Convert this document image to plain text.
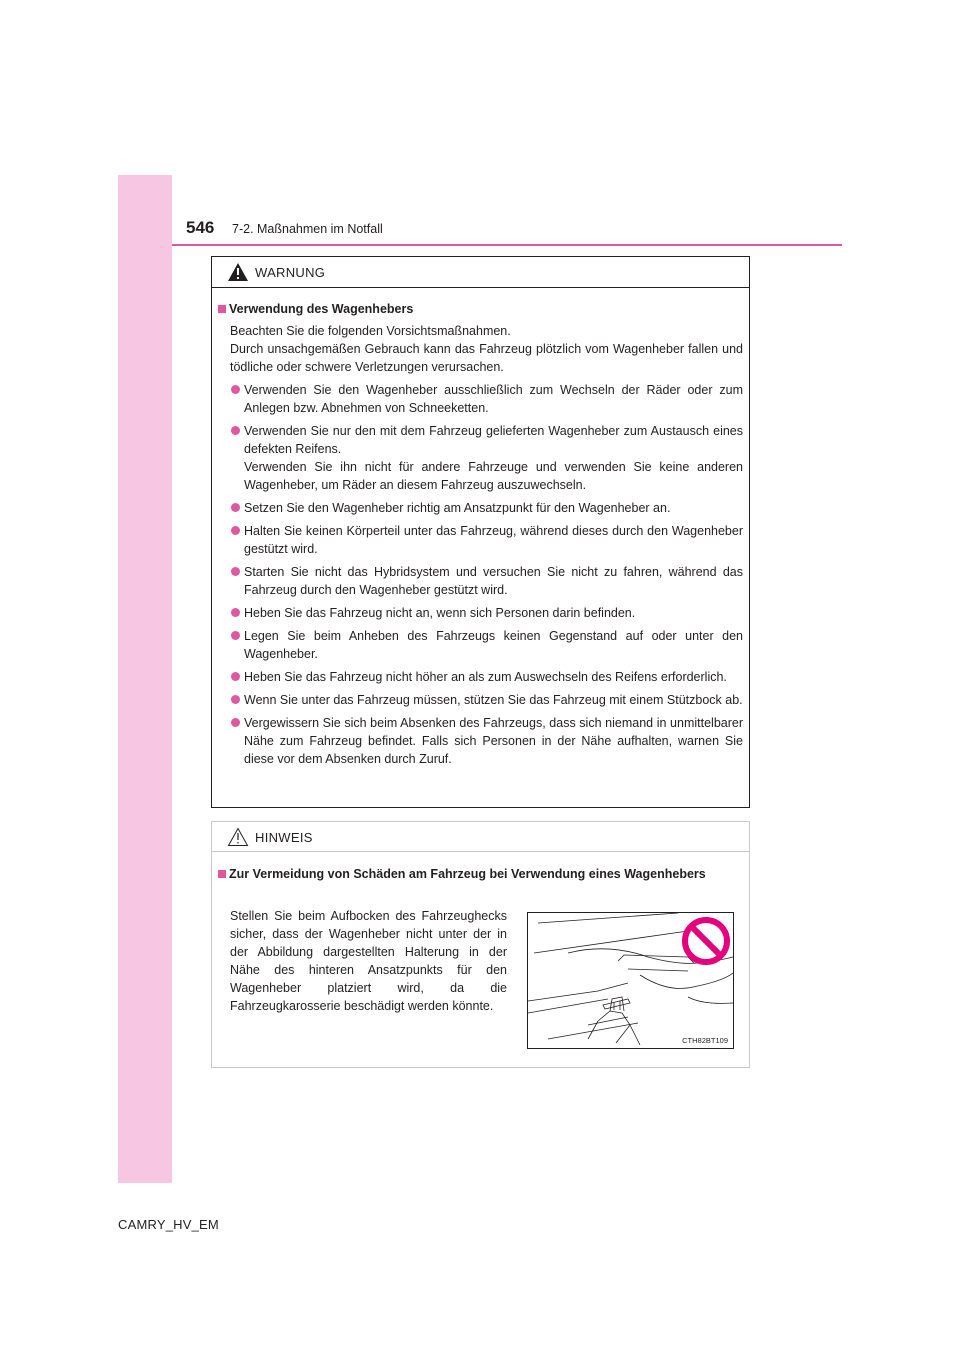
546 7-2. Maßnahmen im Notfall
WARNUNG
Verwendung des Wagenhebers
Beachten Sie die folgenden Vorsichtsmaßnahmen.
Durch unsachgemäßen Gebrauch kann das Fahrzeug plötzlich vom Wagenheber fallen und tödliche oder schwere Verletzungen verursachen.
Verwenden Sie den Wagenheber ausschließlich zum Wechseln der Räder oder zum Anlegen bzw. Abnehmen von Schneeketten.
Verwenden Sie nur den mit dem Fahrzeug gelieferten Wagenheber zum Austausch eines defekten Reifens.
Verwenden Sie ihn nicht für andere Fahrzeuge und verwenden Sie keine anderen Wagenheber, um Räder an diesem Fahrzeug auszuwechseln.
Setzen Sie den Wagenheber richtig am Ansatzpunkt für den Wagenheber an.
Halten Sie keinen Körperteil unter das Fahrzeug, während dieses durch den Wagenheber gestützt wird.
Starten Sie nicht das Hybridsystem und versuchen Sie nicht zu fahren, während das Fahrzeug durch den Wagenheber gestützt wird.
Heben Sie das Fahrzeug nicht an, wenn sich Personen darin befinden.
Legen Sie beim Anheben des Fahrzeugs keinen Gegenstand auf oder unter den Wagenheber.
Heben Sie das Fahrzeug nicht höher an als zum Auswechseln des Reifens erforderlich.
Wenn Sie unter das Fahrzeug müssen, stützen Sie das Fahrzeug mit einem Stützbock ab.
Vergewissern Sie sich beim Absenken des Fahrzeugs, dass sich niemand in unmittelbarer Nähe zum Fahrzeug befindet. Falls sich Personen in der Nähe aufhalten, warnen Sie diese vor dem Absenken durch Zuruf.
HINWEIS
Zur Vermeidung von Schäden am Fahrzeug bei Verwendung eines Wagenhebers
Stellen Sie beim Aufbocken des Fahrzeughecks sicher, dass der Wagenheber nicht unter der in der Abbildung dargestellten Halterung in der Nähe des hinteren Ansatzpunkts für den Wagenheber platziert wird, da die Fahrzeugkarosserie beschädigt werden könnte.
CTH82BT109
CAMRY_HV_EM
